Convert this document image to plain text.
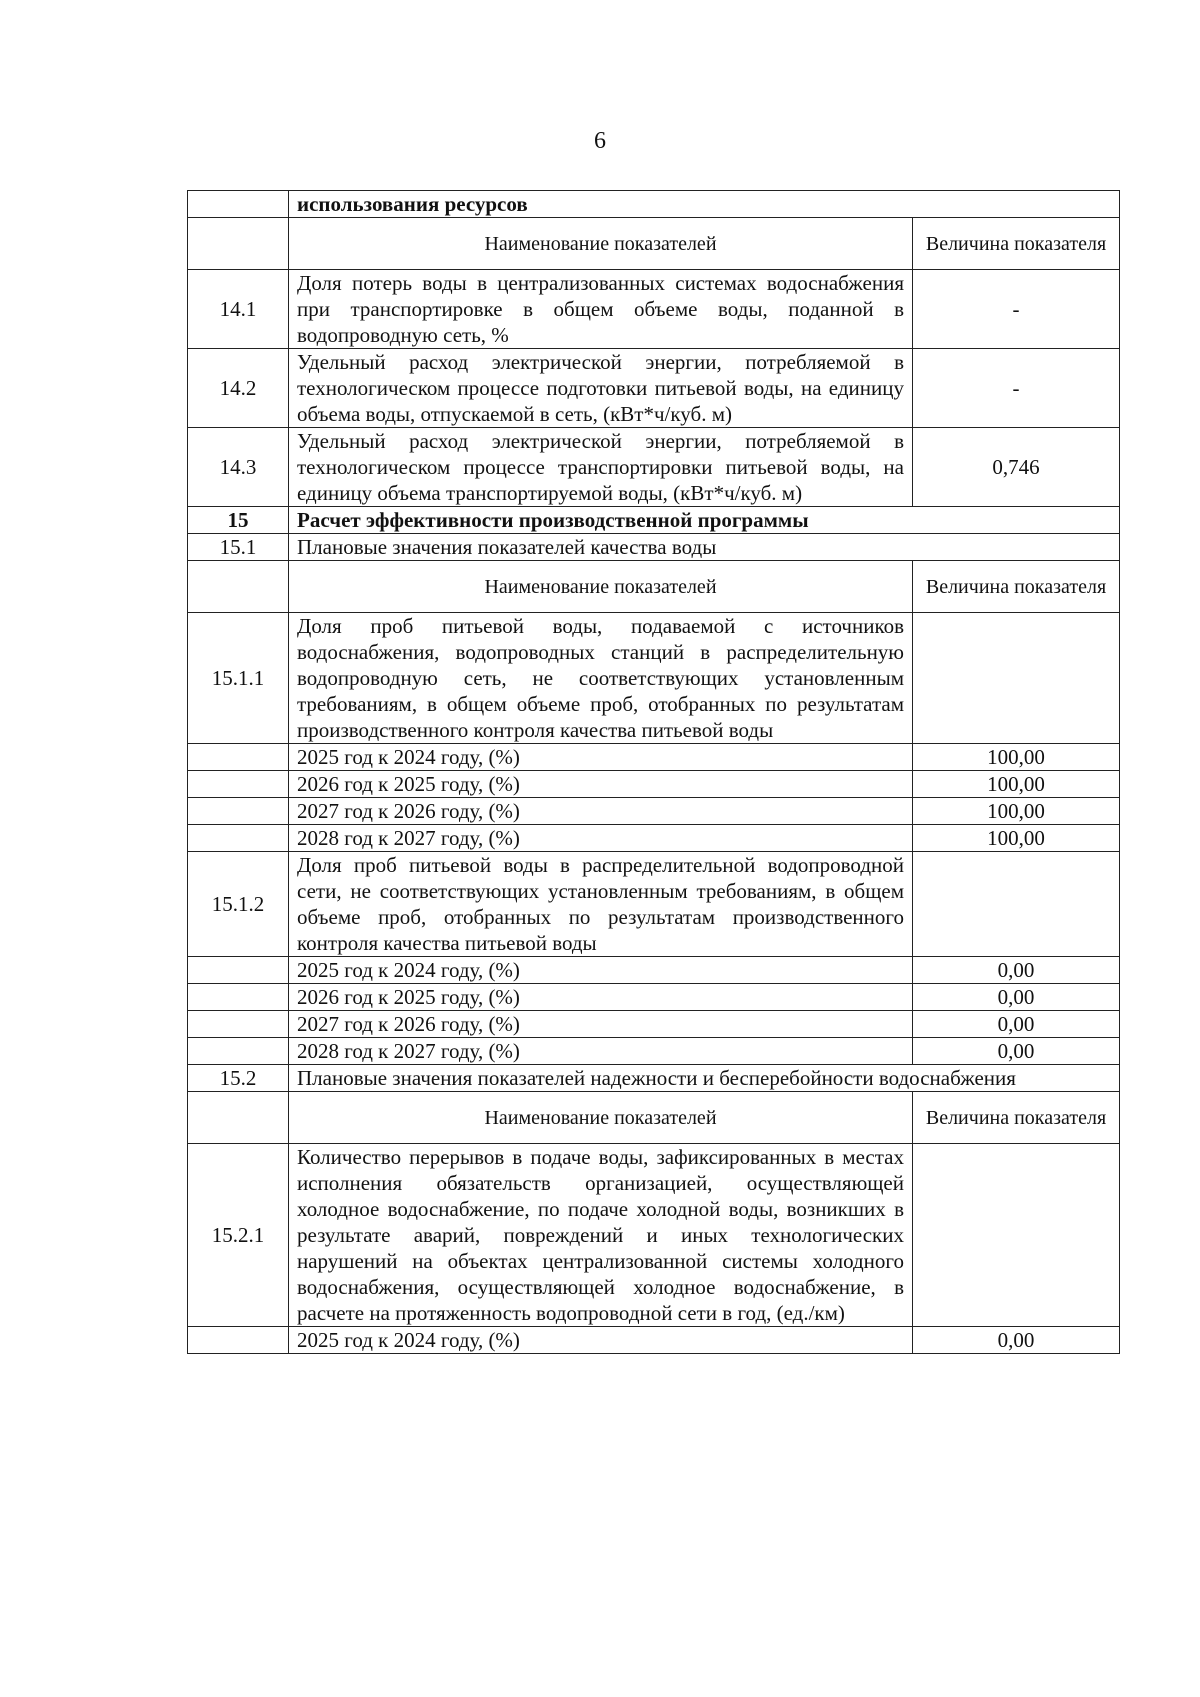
6
	использования ресурсов	
	Наименование показателей	Величина показателя
14.1	Доля потерь воды в централизованных системах водоснабжения при транспортировке в общем объеме воды, поданной в водопроводную сеть, %	-
14.2	Удельный расход электрической энергии, потребляемой в технологическом процессе подготовки питьевой воды, на единицу объема воды, отпускаемой в сеть, (кВт*ч/куб. м)	-
14.3	Удельный расход электрической энергии, потребляемой в технологическом процессе транспортировки питьевой воды, на единицу объема транспортируемой воды, (кВт*ч/куб. м)	0,746
15	Расчет эффективности производственной программы	
15.1	Плановые значения показателей качества воды	
	Наименование показателей	Величина показателя
15.1.1	Доля проб питьевой воды, подаваемой с источников водоснабжения, водопроводных станций в распределительную водопроводную сеть, не соответствующих установленным требованиям, в общем объеме проб, отобранных по результатам производственного контроля качества питьевой воды	
	2025 год к 2024 году, (%)	100,00
	2026 год к 2025 году, (%)	100,00
	2027 год к 2026 году, (%)	100,00
	2028 год к 2027 году, (%)	100,00
15.1.2	Доля проб питьевой воды в распределительной водопроводной сети, не соответствующих установленным требованиям, в общем объеме проб, отобранных по результатам производственного контроля качества питьевой воды	
	2025 год к 2024 году, (%)	0,00
	2026 год к 2025 году, (%)	0,00
	2027 год к 2026 году, (%)	0,00
	2028 год к 2027 году, (%)	0,00
15.2	Плановые значения показателей надежности и бесперебойности водоснабжения	
	Наименование показателей	Величина показателя
15.2.1	Количество перерывов в подаче воды, зафиксированных в местах исполнения обязательств организацией, осуществляющей холодное водоснабжение, по подаче холодной воды, возникших в результате аварий, повреждений и иных технологических нарушений на объектах централизованной системы холодного водоснабжения, осуществляющей холодное водоснабжение, в расчете на протяженность водопроводной сети в год, (ед./км)	
	2025 год к 2024 году, (%)	0,00
